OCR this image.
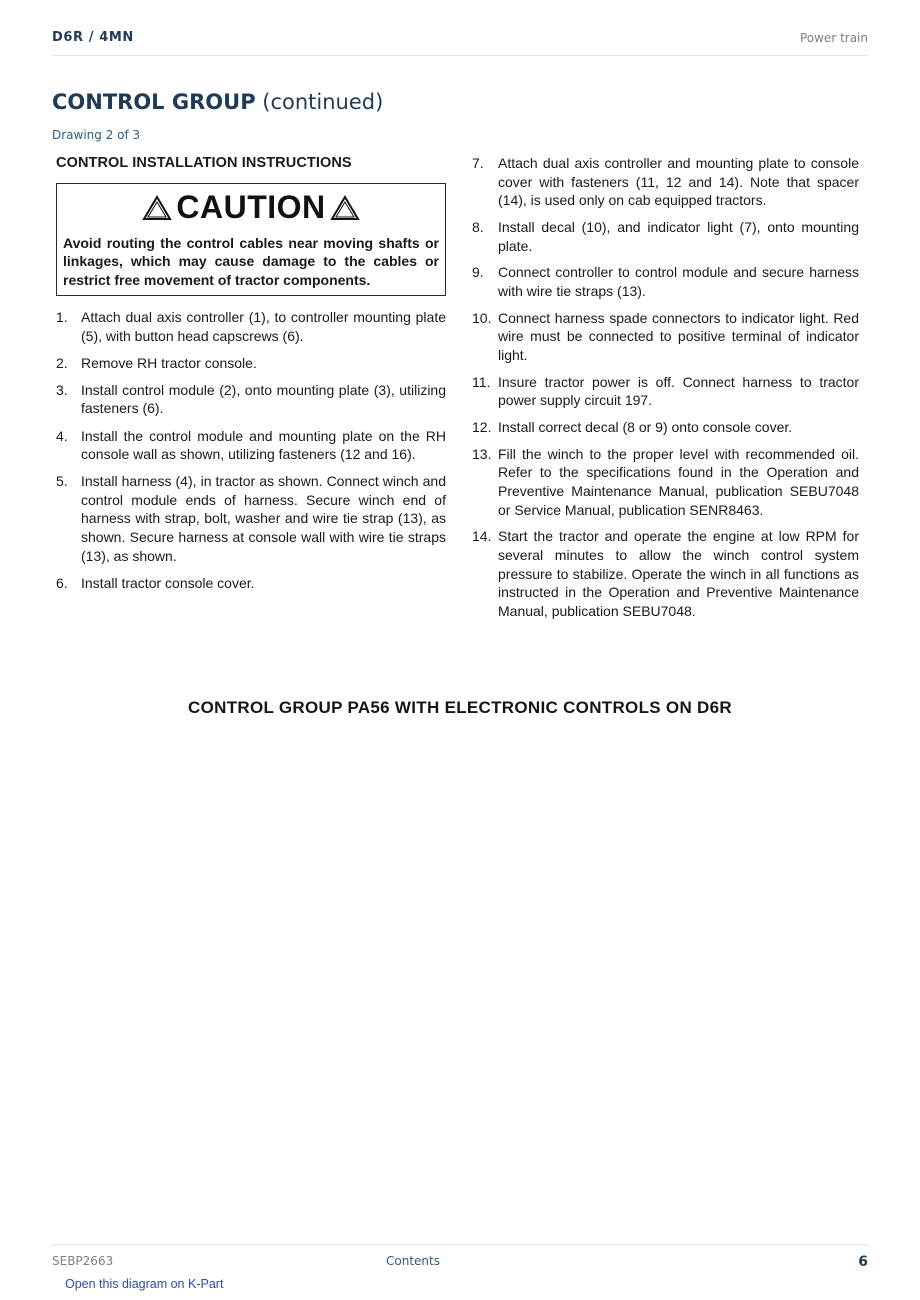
D6R / 4MN	Power train
CONTROL GROUP (continued)
Drawing 2 of 3
CONTROL INSTALLATION INSTRUCTIONS
CAUTION
Avoid routing the control cables near moving shafts or linkages, which may cause damage to the cables or restrict free movement of tractor components.
1. Attach dual axis controller (1), to controller mounting plate (5), with button head capscrews (6).
2. Remove RH tractor console.
3. Install control module (2), onto mounting plate (3), utilizing fasteners (6).
4. Install the control module and mounting plate on the RH console wall as shown, utilizing fasteners (12 and 16).
5. Install harness (4), in tractor as shown. Connect winch and control module ends of harness. Secure winch end of harness with strap, bolt, washer and wire tie strap (13), as shown. Secure harness at console wall with wire tie straps (13), as shown.
6. Install tractor console cover.
7.	Attach dual axis controller and mounting plate to console cover with fasteners (11, 12 and 14). Note that spacer (14), is used only on cab equipped tractors.
8.	Install decal (10), and indicator light (7), onto mounting plate.
9.	Connect controller to control module and secure harness with wire tie straps (13).
10. Connect harness spade connectors to indicator light. Red wire must be connected to positive terminal of indicator light.
11. Insure tractor power is off. Connect harness to tractor power supply circuit 197.
12. Install correct decal (8 or 9) onto console cover.
13. Fill the winch to the proper level with recommended oil. Refer to the specifications found in the Operation and Preventive Maintenance Manual, publication SEBU7048 or Service Manual, publication SENR8463.
14. Start the tractor and operate the engine at low RPM for several minutes to allow the winch control system pressure to stabilize. Operate the winch in all functions as instructed in the Operation and Preventive Maintenance Manual, publication SEBU7048.
CONTROL GROUP PA56 WITH ELECTRONIC CONTROLS ON D6R
SEBP2663	Contents	6
Open this diagram on K-Part
